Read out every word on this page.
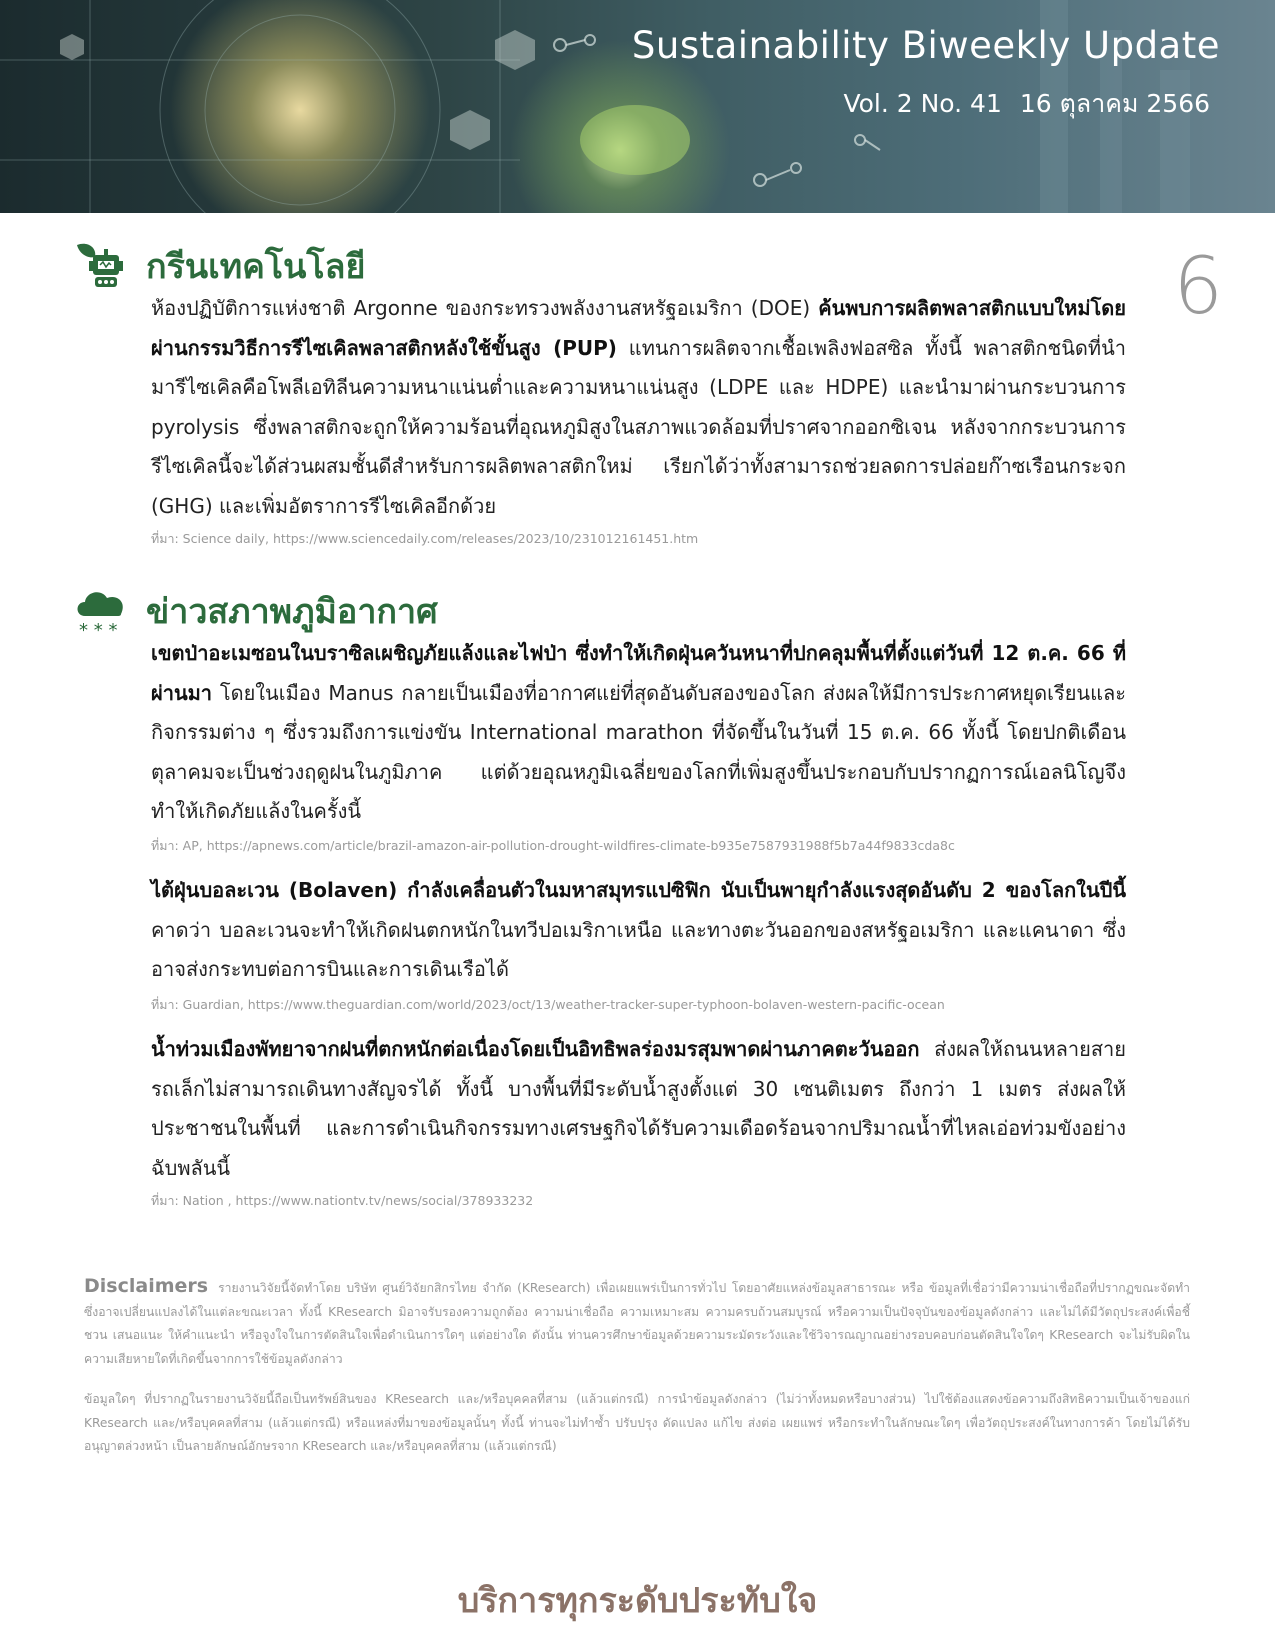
Sustainability Biweekly Update
Vol. 2 No. 41 16 ตุลาคม 2566
6
กรีนเทคโนโลยี
ห้องปฏิบัติการแห่งชาติ Argonne ของกระทรวงพลังงานสหรัฐอเมริกา (DOE) ค้นพบการผลิตพลาสติกแบบใหม่โดยผ่านกรรมวิธีการรีไซเคิลพลาสติกหลังใช้ขั้นสูง (PUP) แทนการผลิตจากเชื้อเพลิงฟอสซิล ทั้งนี้ พลาสติกชนิดที่นำมารีไซเคิลคือโพลีเอทิลีนความหนาแน่นต่ำและความหนาแน่นสูง (LDPE และ HDPE) และนำมาผ่านกระบวนการ pyrolysis ซึ่งพลาสติกจะถูกให้ความร้อนที่อุณหภูมิสูงในสภาพแวดล้อมที่ปราศจากออกซิเจน หลังจากกระบวนการรีไซเคิลนี้จะได้ส่วนผสมชั้นดีสำหรับการผลิตพลาสติกใหม่ เรียกได้ว่าทั้งสามารถช่วยลดการปล่อยก๊าซเรือนกระจก (GHG) และเพิ่มอัตราการรีไซเคิลอีกด้วย
ที่มา: Science daily, https://www.sciencedaily.com/releases/2023/10/231012161451.htm
* * * ข่าวสภาพภูมิอากาศ
เขตป่าอะเมซอนในบราซิลเผชิญภัยแล้งและไฟป่า ซึ่งทำให้เกิดฝุ่นควันหนาที่ปกคลุมพื้นที่ตั้งแต่วันที่ 12 ต.ค. 66 ที่ผ่านมา โดยในเมือง Manus กลายเป็นเมืองที่อากาศแย่ที่สุดอันดับสองของโลก ส่งผลให้มีการประกาศหยุดเรียนและกิจกรรมต่าง ๆ ซึ่งรวมถึงการแข่งขัน International marathon ที่จัดขึ้นในวันที่ 15 ต.ค. 66 ทั้งนี้ โดยปกติเดือนตุลาคมจะเป็นช่วงฤดูฝนในภูมิภาค แต่ด้วยอุณหภูมิเฉลี่ยของโลกที่เพิ่มสูงขึ้นประกอบกับปรากฏการณ์เอลนิโญจึงทำให้เกิดภัยแล้งในครั้งนี้
ที่มา: AP, https://apnews.com/article/brazil-amazon-air-pollution-drought-wildfires-climate-b935e7587931988f5b7a44f9833cda8c
ไต้ฝุ่นบอละเวน (Bolaven) กำลังเคลื่อนตัวในมหาสมุทรแปซิฟิก นับเป็นพายุกำลังแรงสุดอันดับ 2 ของโลกในปีนี้ คาดว่า บอละเวนจะทำให้เกิดฝนตกหนักในทวีปอเมริกาเหนือ และทางตะวันออกของสหรัฐอเมริกา และแคนาดา ซึ่งอาจส่งกระทบต่อการบินและการเดินเรือได้
ที่มา: Guardian, https://www.theguardian.com/world/2023/oct/13/weather-tracker-super-typhoon-bolaven-western-pacific-ocean
น้ำท่วมเมืองพัทยาจากฝนที่ตกหนักต่อเนื่องโดยเป็นอิทธิพลร่องมรสุมพาดผ่านภาคตะวันออก ส่งผลให้ถนนหลายสายรถเล็กไม่สามารถเดินทางสัญจรได้ ทั้งนี้ บางพื้นที่มีระดับน้ำสูงตั้งแต่ 30 เซนติเมตร ถึงกว่า 1 เมตร ส่งผลให้ประชาชนในพื้นที่ และการดำเนินกิจกรรมทางเศรษฐกิจได้รับความเดือดร้อนจากปริมาณน้ำที่ไหลเอ่อท่วมขังอย่างฉับพลันนี้
ที่มา: Nation , https://www.nationtv.tv/news/social/378933232
Disclaimers รายงานวิจัยนี้จัดทำโดย บริษัท ศูนย์วิจัยกสิกรไทย จำกัด (KResearch) เพื่อเผยแพร่เป็นการทั่วไป โดยอาศัยแหล่งข้อมูลสาธารณะ หรือ ข้อมูลที่เชื่อว่ามีความน่าเชื่อถือที่ปรากฏขณะจัดทำ ซึ่งอาจเปลี่ยนแปลงได้ในแต่ละขณะเวลา ทั้งนี้ KResearch มิอาจรับรองความถูกต้อง ความน่าเชื่อถือ ความเหมาะสม ความครบถ้วนสมบูรณ์ หรือความเป็นปัจจุบันของข้อมูลดังกล่าว และไม่ได้มีวัตถุประสงค์เพื่อชี้ชวน เสนอแนะ ให้คำแนะนำ หรือจูงใจในการตัดสินใจเพื่อดำเนินการใดๆ แต่อย่างใด ดังนั้น ท่านควรศึกษาข้อมูลด้วยความระมัดระวังและใช้วิจารณญาณอย่างรอบคอบก่อนตัดสินใจใดๆ KResearch จะไม่รับผิดในความเสียหายใดที่เกิดขึ้นจากการใช้ข้อมูลดังกล่าว
ข้อมูลใดๆ ที่ปรากฏในรายงานวิจัยนี้ถือเป็นทรัพย์สินของ KResearch และ/หรือบุคคลที่สาม (แล้วแต่กรณี) การนำข้อมูลดังกล่าว (ไม่ว่าทั้งหมดหรือบางส่วน) ไปใช้ต้องแสดงข้อความถึงสิทธิความเป็นเจ้าของแก่ KResearch และ/หรือบุคคลที่สาม (แล้วแต่กรณี) หรือแหล่งที่มาของข้อมูลนั้นๆ ทั้งนี้ ท่านจะไม่ทำซ้ำ ปรับปรุง ดัดแปลง แก้ไข ส่งต่อ เผยแพร่ หรือกระทำในลักษณะใดๆ เพื่อวัตถุประสงค์ในทางการค้า โดยไม่ได้รับอนุญาตล่วงหน้า เป็นลายลักษณ์อักษรจาก KResearch และ/หรือบุคคลที่สาม (แล้วแต่กรณี)
บริการทุกระดับประทับใจ
